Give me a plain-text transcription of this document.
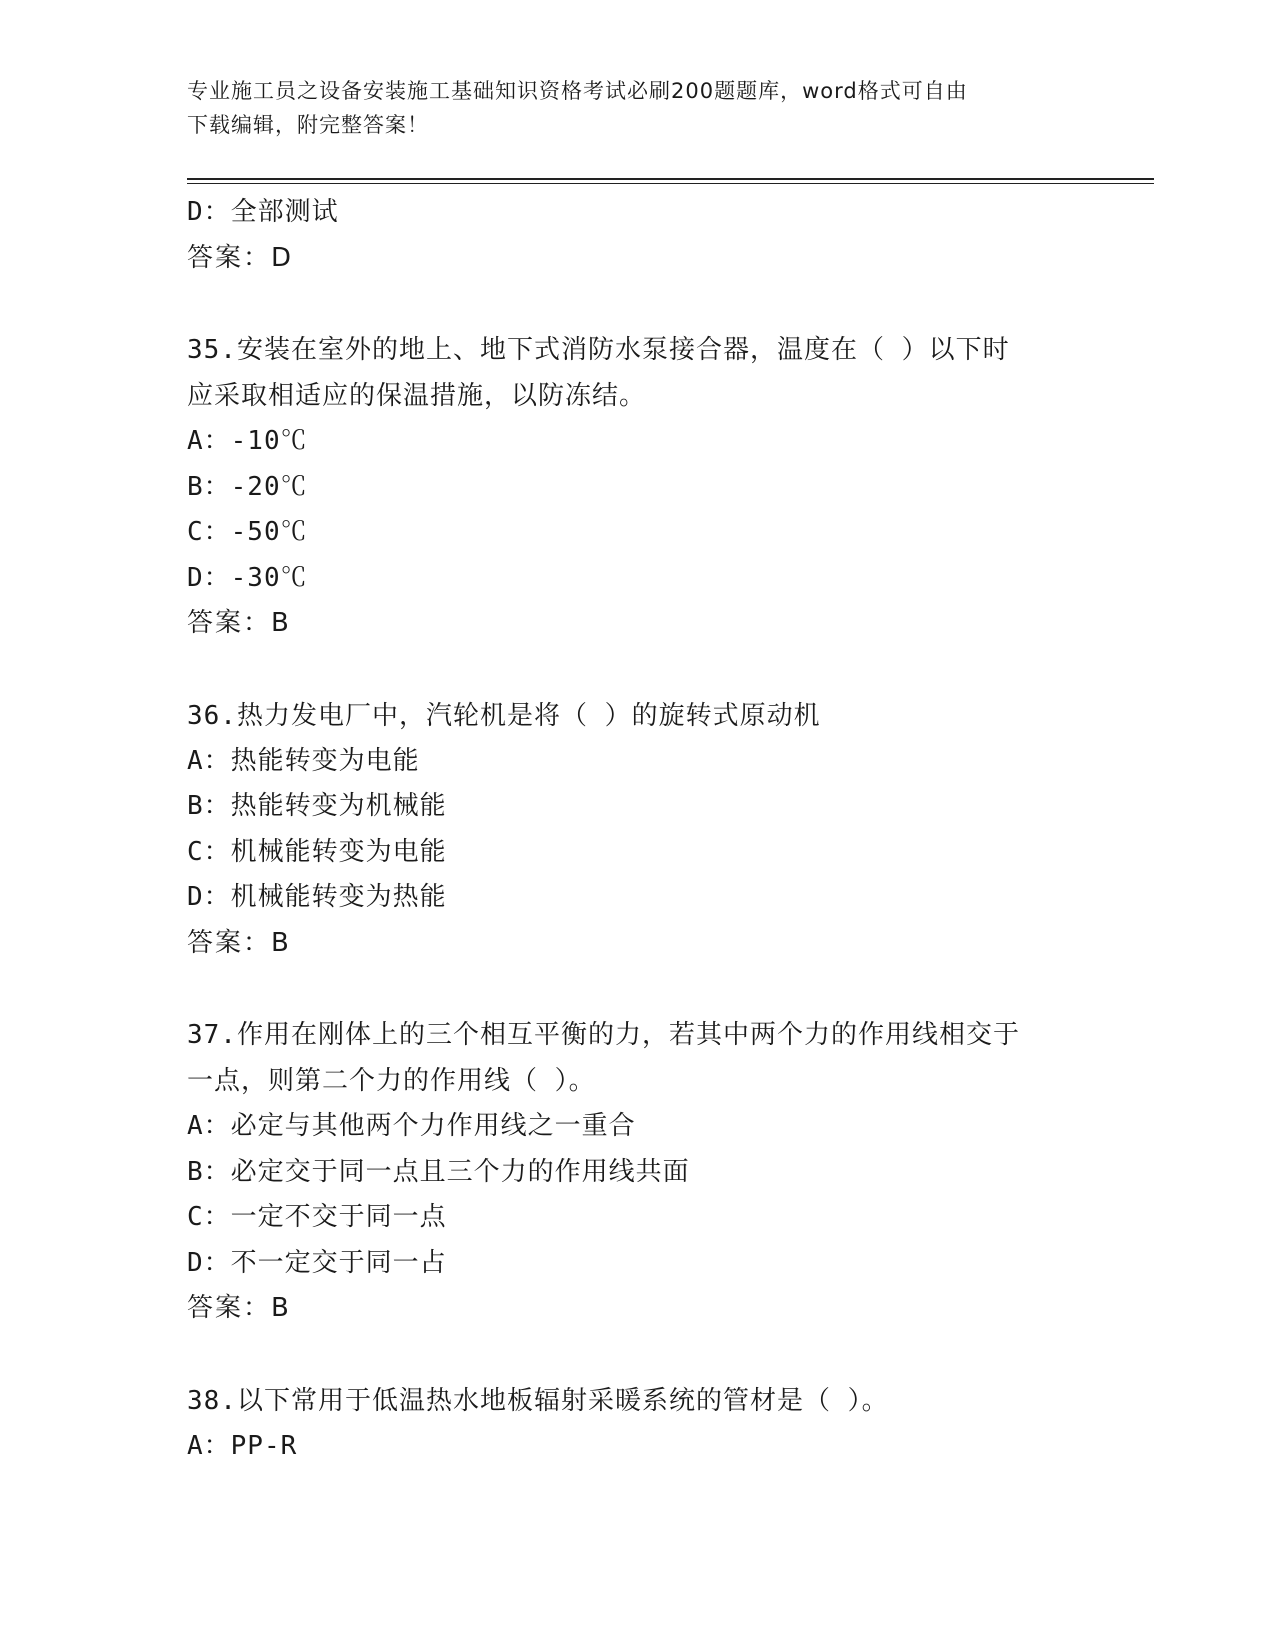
专业施工员之设备安装施工基础知识资格考试必刷200题题库，word格式可自由
下载编辑，附完整答案！
D：全部测试
答案：D
35.安装在室外的地上、地下式消防水泵接合器，温度在（ ）以下时
应采取相适应的保温措施，以防冻结。
A：-10℃
B：-20℃
C：-50℃
D：-30℃
答案：B
36.热力发电厂中，汽轮机是将（ ）的旋转式原动机
A：热能转变为电能
B：热能转变为机械能
C：机械能转变为电能
D：机械能转变为热能
答案：B
37.作用在刚体上的三个相互平衡的力，若其中两个力的作用线相交于
一点，则第二个力的作用线（ ）。
A：必定与其他两个力作用线之一重合
B：必定交于同一点且三个力的作用线共面
C：一定不交于同一点
D：不一定交于同一占
答案：B
38.以下常用于低温热水地板辐射采暖系统的管材是（ ）。
A：PP-R
